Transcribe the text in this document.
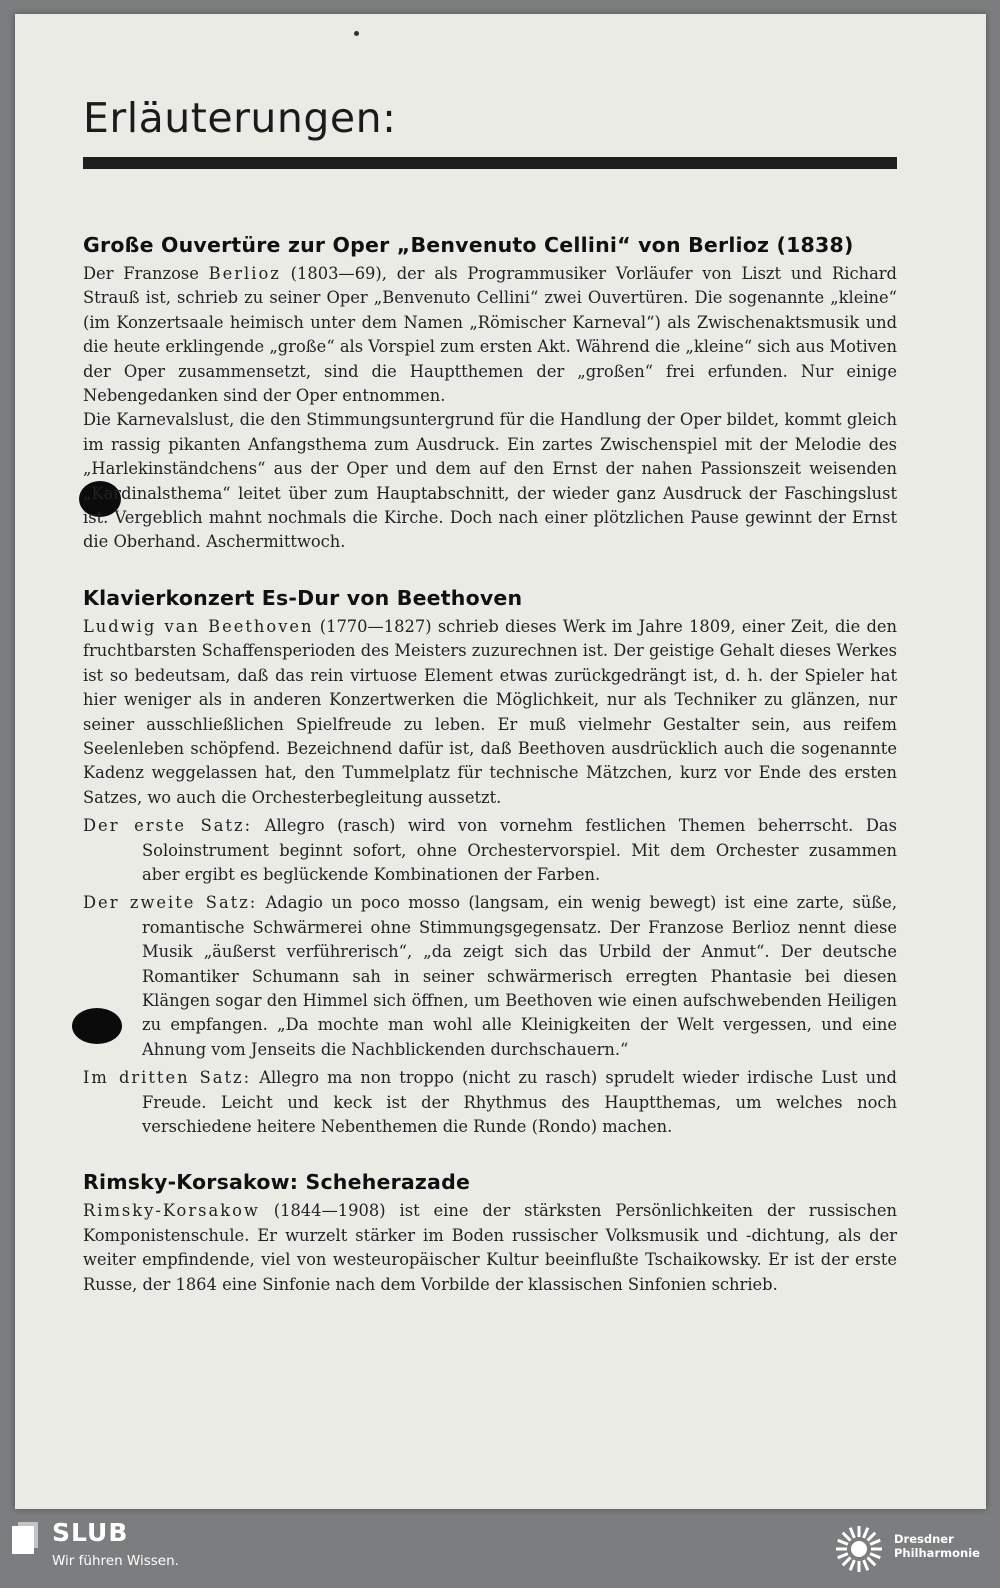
Erläuterungen:
Große Ouvertüre zur Oper „Benvenuto Cellini“ von Berlioz (1838)

Der Franzose Berlioz (1803—69), der als Programmusiker Vorläufer von Liszt und Richard Strauß ist, schrieb zu seiner Oper „Benvenuto Cellini“ zwei Ouvertüren. Die sogenannte „kleine“ (im Konzertsaale heimisch unter dem Namen „Römischer Karneval“) als Zwischenaktsmusik und die heute erklingende „große“ als Vorspiel zum ersten Akt. Während die „kleine“ sich aus Motiven der Oper zusammensetzt, sind die Hauptthemen der „großen“ frei erfunden. Nur einige Nebengedanken sind der Oper entnommen.

Die Karnevalslust, die den Stimmungsuntergrund für die Handlung der Oper bildet, kommt gleich im rassig pikanten Anfangsthema zum Ausdruck. Ein zartes Zwischenspiel mit der Melodie des „Harlekinständchens“ aus der Oper und dem auf den Ernst der nahen Passionszeit weisenden „Kardinalsthema“ leitet über zum Hauptabschnitt, der wieder ganz Ausdruck der Faschingslust ist. Vergeblich mahnt nochmals die Kirche. Doch nach einer plötzlichen Pause gewinnt der Ernst die Oberhand. Aschermittwoch.

Klavierkonzert Es-Dur von Beethoven

Ludwig van Beethoven (1770—1827) schrieb dieses Werk im Jahre 1809, einer Zeit, die den fruchtbarsten Schaffensperioden des Meisters zuzurechnen ist. Der geistige Gehalt dieses Werkes ist so bedeutsam, daß das rein virtuose Element etwas zurückgedrängt ist, d. h. der Spieler hat hier weniger als in anderen Konzertwerken die Möglichkeit, nur als Techniker zu glänzen, nur seiner ausschließlichen Spielfreude zu leben. Er muß vielmehr Gestalter sein, aus reifem Seelenleben schöpfend. Bezeichnend dafür ist, daß Beethoven ausdrücklich auch die sogenannte Kadenz weggelassen hat, den Tummelplatz für technische Mätzchen, kurz vor Ende des ersten Satzes, wo auch die Orchesterbegleitung aussetzt.

Der erste Satz: Allegro (rasch) wird von vornehm festlichen Themen beherrscht. Das Soloinstrument beginnt sofort, ohne Orchestervorspiel. Mit dem Orchester zusammen aber ergibt es beglückende Kombinationen der Farben.

Der zweite Satz: Adagio un poco mosso (langsam, ein wenig bewegt) ist eine zarte, süße, romantische Schwärmerei ohne Stimmungsgegensatz. Der Franzose Berlioz nennt diese Musik „äußerst verführerisch“, „da zeigt sich das Urbild der Anmut“. Der deutsche Romantiker Schumann sah in seiner schwärmerisch erregten Phantasie bei diesen Klängen sogar den Himmel sich öffnen, um Beethoven wie einen aufschwebenden Heiligen zu empfangen. „Da mochte man wohl alle Kleinigkeiten der Welt vergessen, und eine Ahnung vom Jenseits die Nachblickenden durchschauern.“

Im dritten Satz: Allegro ma non troppo (nicht zu rasch) sprudelt wieder irdische Lust und Freude. Leicht und keck ist der Rhythmus des Hauptthemas, um welches noch verschiedene heitere Nebenthemen die Runde (Rondo) machen.

Rimsky-Korsakow: Scheherazade

Rimsky-Korsakow (1844—1908) ist eine der stärksten Persönlichkeiten der russischen Komponistenschule. Er wurzelt stärker im Boden russischer Volksmusik und -dichtung, als der weiter empfindende, viel von westeuropäischer Kultur beeinflußte Tschaikowsky. Er ist der erste Russe, der 1864 eine Sinfonie nach dem Vorbilde der klassischen Sinfonien schrieb.

SLUB
Wir führen Wissen.
Dresdner
Philharmonie
